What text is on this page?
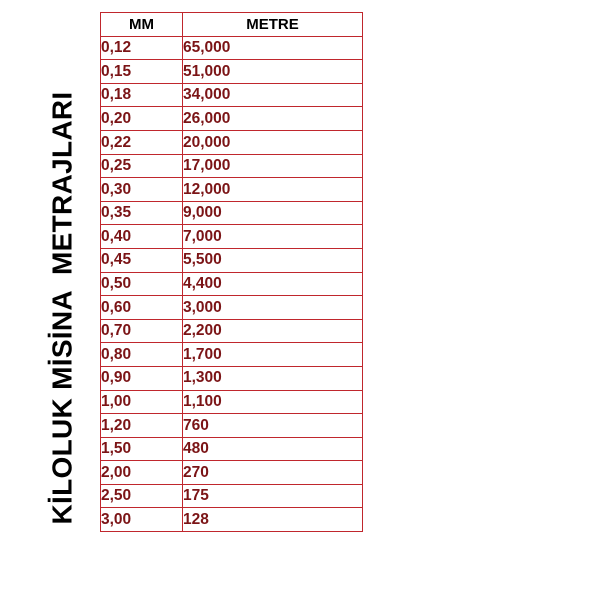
KİLOLUK MİSİNA  METRAJLARI
MM	METRE
0,12	65,000
0,15	51,000
0,18	34,000
0,20	26,000
0,22	20,000
0,25	17,000
0,30	12,000
0,35	9,000
0,40	7,000
0,45	5,500
0,50	4,400
0,60	3,000
0,70	2,200
0,80	1,700
0,90	1,300
1,00	1,100
1,20	760
1,50	480
2,00	270
2,50	175
3,00	128
